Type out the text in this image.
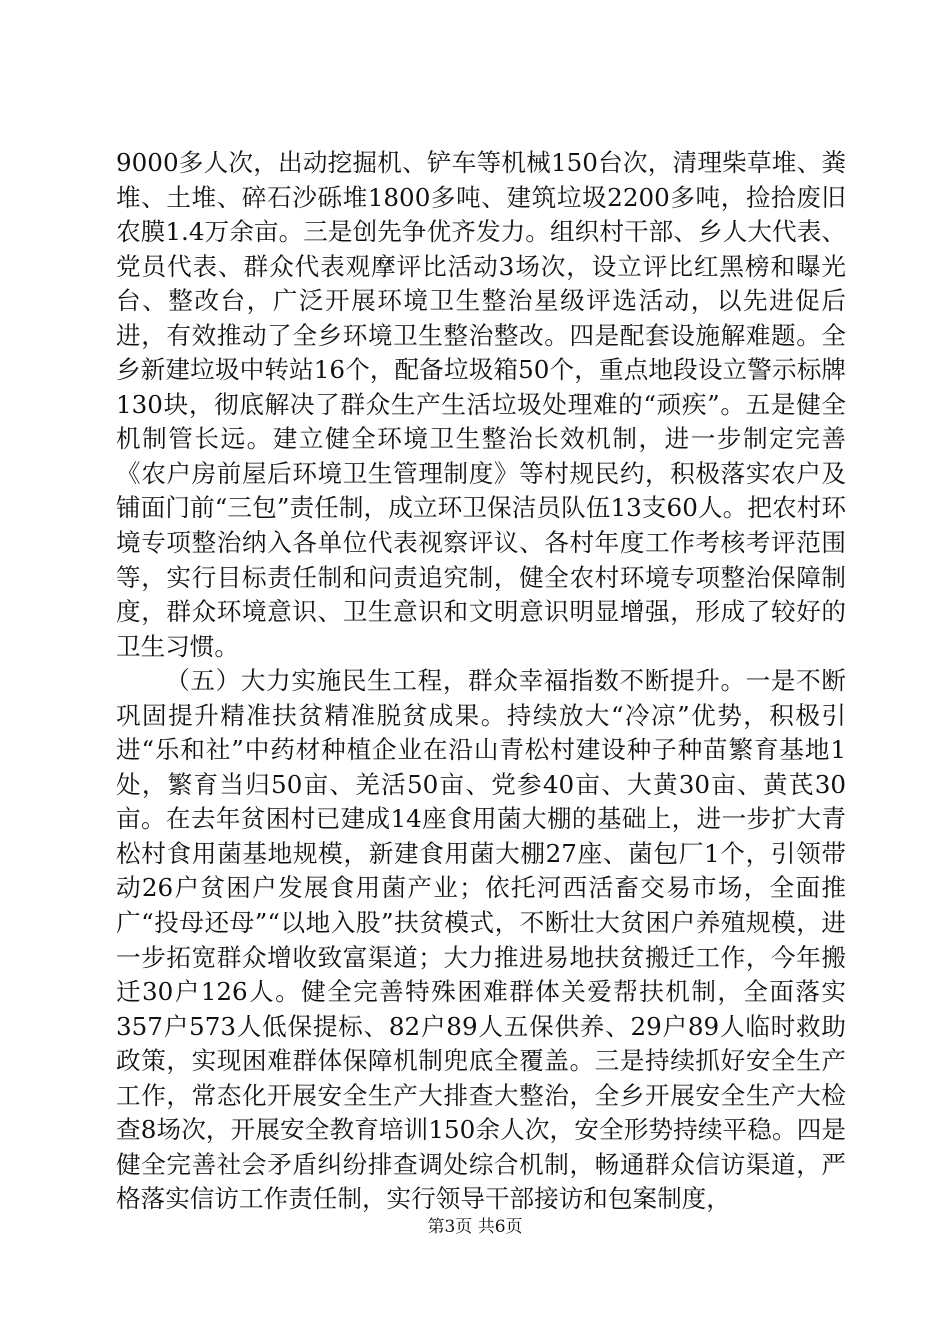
9000多人次，出动挖掘机、铲车等机械150台次，清理柴草堆、粪堆、土堆、碎石沙砾堆1800多吨、建筑垃圾2200多吨，捡拾废旧农膜1.4万余亩。三是创先争优齐发力。组织村干部、乡人大代表、党员代表、群众代表观摩评比活动3场次，设立评比红黑榜和曝光台、整改台，广泛开展环境卫生整治星级评选活动，以先进促后进，有效推动了全乡环境卫生整治整改。四是配套设施解难题。全乡新建垃圾中转站16个，配备垃圾箱50个，重点地段设立警示标牌130块，彻底解决了群众生产生活垃圾处理难的“顽疾”。五是健全机制管长远。建立健全环境卫生整治长效机制，进一步制定完善《农户房前屋后环境卫生管理制度》等村规民约，积极落实农户及铺面门前“三包”责任制，成立环卫保洁员队伍13支60人。把农村环境专项整治纳入各单位代表视察评议、各村年度工作考核考评范围等，实行目标责任制和问责追究制，健全农村环境专项整治保障制度，群众环境意识、卫生意识和文明意识明显增强，形成了较好的卫生习惯。

（五）大力实施民生工程，群众幸福指数不断提升。一是不断巩固提升精准扶贫精准脱贫成果。持续放大“冷凉”优势，积极引进“乐和社”中药材种植企业在沿山青松村建设种子种苗繁育基地1处，繁育当归50亩、羌活50亩、党参40亩、大黄30亩、黄芪30亩。在去年贫困村已建成14座食用菌大棚的基础上，进一步扩大青松村食用菌基地规模，新建食用菌大棚27座、菌包厂1个，引领带动26户贫困户发展食用菌产业；依托河西活畜交易市场，全面推广“投母还母”“以地入股”扶贫模式，不断壮大贫困户养殖规模，进一步拓宽群众增收致富渠道；大力推进易地扶贫搬迁工作，今年搬迁30户126人。健全完善特殊困难群体关爱帮扶机制，全面落实357户573人低保提标、82户89人五保供养、29户89人临时救助政策，实现困难群体保障机制兜底全覆盖。三是持续抓好安全生产工作，常态化开展安全生产大排查大整治，全乡开展安全生产大检查8场次，开展安全教育培训150余人次，安全形势持续平稳。四是健全完善社会矛盾纠纷排查调处综合机制，畅通群众信访渠道，严格落实信访工作责任制，实行领导干部接访和包案制度，

第3页 共6页
